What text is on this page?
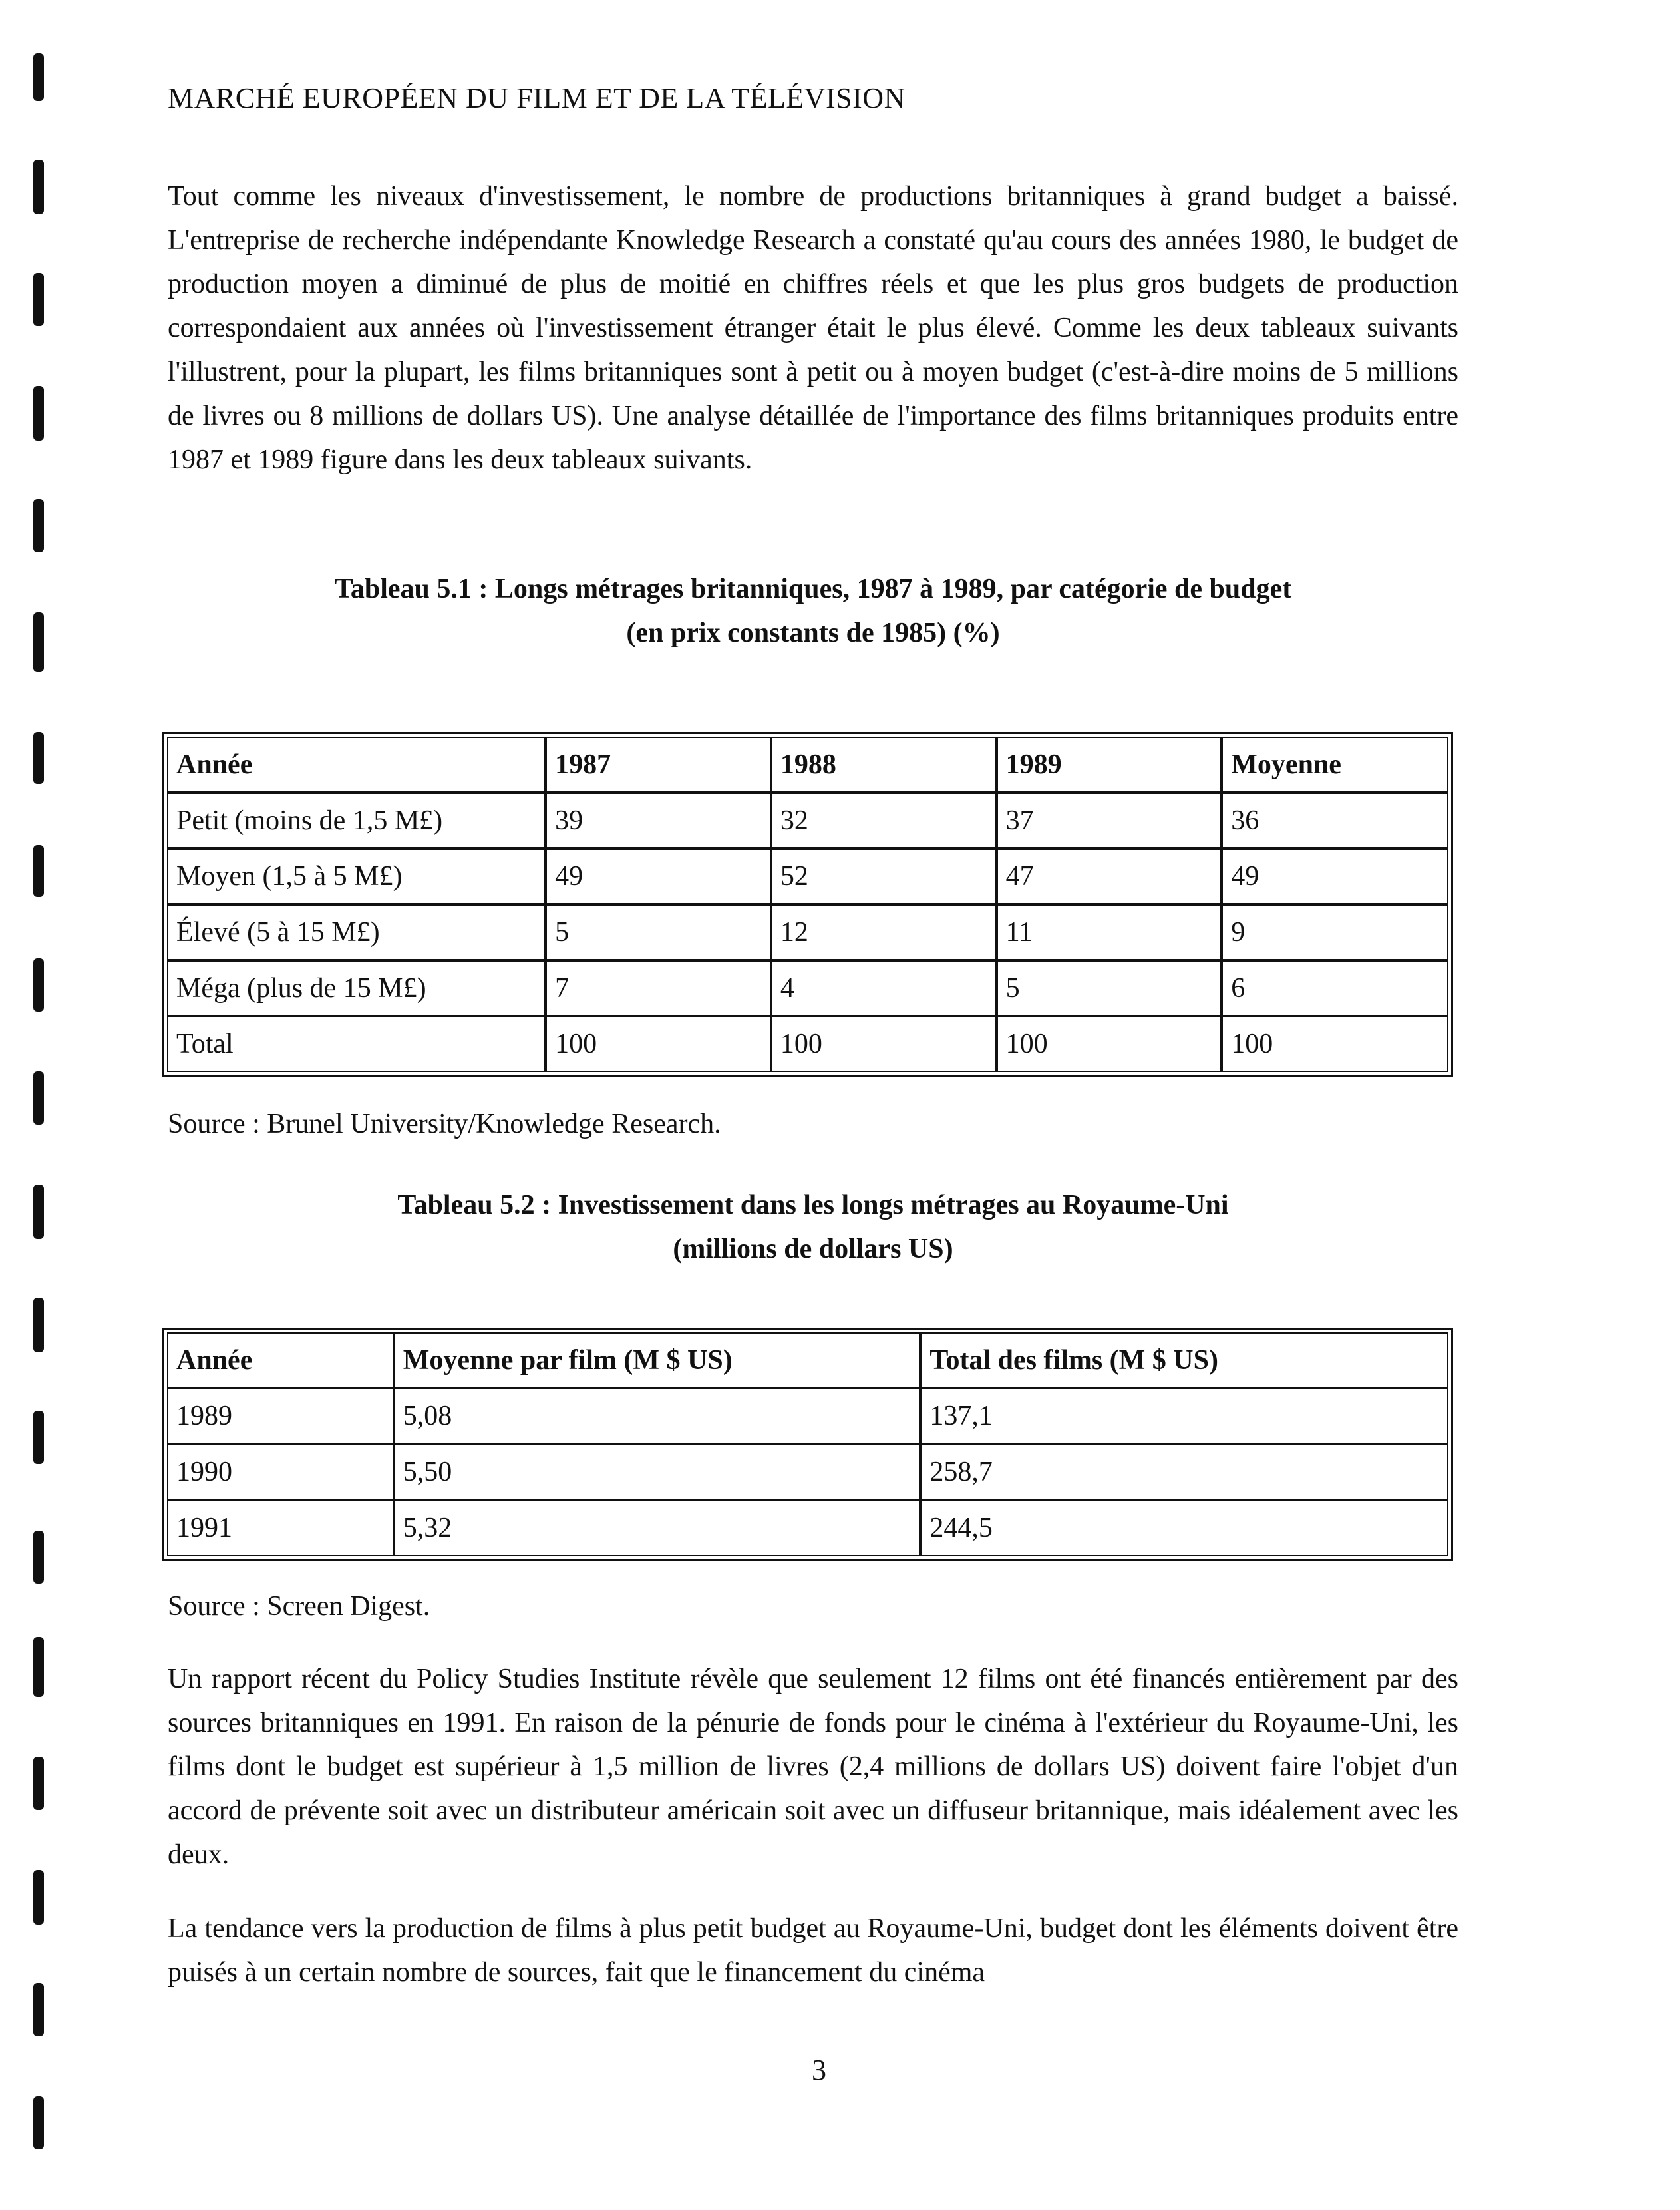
MARCHÉ EUROPÉEN DU FILM ET DE LA TÉLÉVISION

Tout comme les niveaux d'investissement, le nombre de productions britanniques à grand budget a baissé. L'entreprise de recherche indépendante Knowledge Research a constaté qu'au cours des années 1980, le budget de production moyen a diminué de plus de moitié en chiffres réels et que les plus gros budgets de production correspondaient aux années où l'investissement étranger était le plus élevé. Comme les deux tableaux suivants l'illustrent, pour la plupart, les films britanniques sont à petit ou à moyen budget (c'est-à-dire moins de 5 millions de livres ou 8 millions de dollars US). Une analyse détaillée de l'importance des films britanniques produits entre 1987 et 1989 figure dans les deux tableaux suivants.

Tableau 5.1 : Longs métrages britanniques, 1987 à 1989, par catégorie de budget
(en prix constants de 1985) (%)
Année	1987	1988	1989	Moyenne
Petit (moins de 1,5 M£)	39	32	37	36
Moyen (1,5 à 5 M£)	49	52	47	49
Élevé (5 à 15 M£)	5	12	11	9
Méga (plus de 15 M£)	7	4	5	6
Total	100	100	100	100
Source : Brunel University/Knowledge Research.
Tableau 5.2 : Investissement dans les longs métrages au Royaume-Uni
(millions de dollars US)
Année	Moyenne par film (M $ US)	Total des films (M $ US)
1989	5,08	137,1
1990	5,50	258,7
1991	5,32	244,5
Source : Screen Digest.

Un rapport récent du Policy Studies Institute révèle que seulement 12 films ont été financés entièrement par des sources britanniques en 1991. En raison de la pénurie de fonds pour le cinéma à l'extérieur du Royaume-Uni, les films dont le budget est supérieur à 1,5 million de livres (2,4 millions de dollars US) doivent faire l'objet d'un accord de prévente soit avec un distributeur américain soit avec un diffuseur britannique, mais idéalement avec les deux.

La tendance vers la production de films à plus petit budget au Royaume-Uni, budget dont les éléments doivent être puisés à un certain nombre de sources, fait que le financement du cinéma

3
